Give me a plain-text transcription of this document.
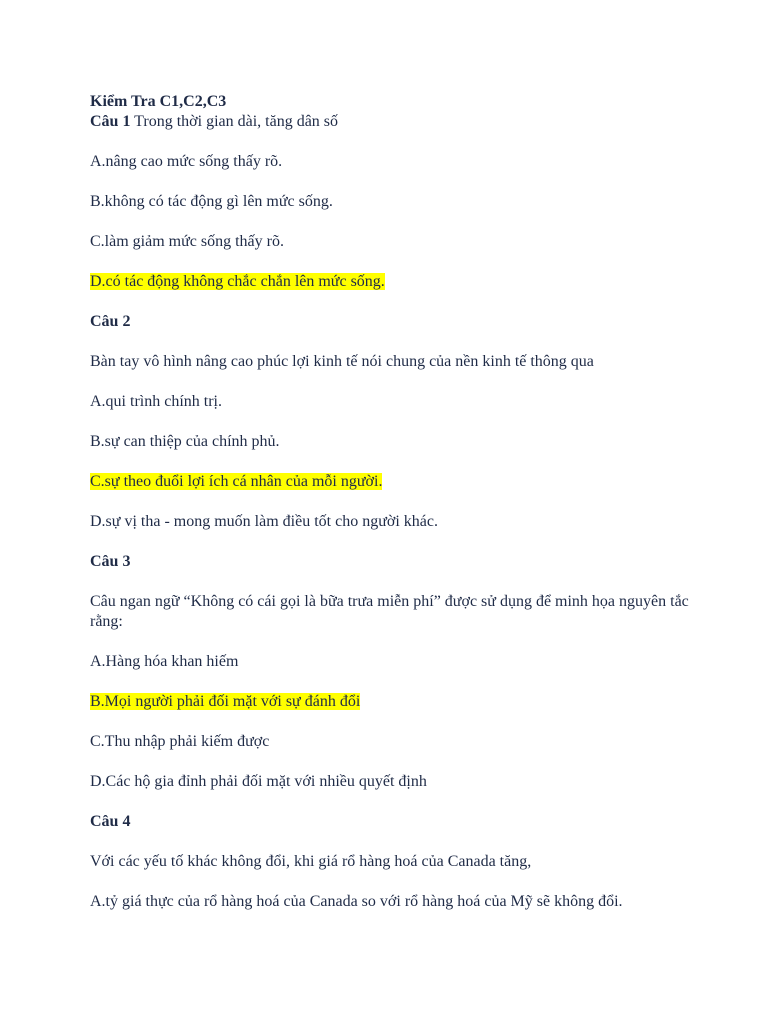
Kiểm Tra C1,C2,C3

Câu 1 Trong thời gian dài, tăng dân số

A.nâng cao mức sống thấy rõ.

B.không có tác động gì lên mức sống.

C.làm giảm mức sống thấy rõ.

D.có tác động không chắc chắn lên mức sống.

Câu 2

Bàn tay vô hình nâng cao phúc lợi kinh tế nói chung của nền kinh tế thông qua

A.qui trình chính trị.

B.sự can thiệp của chính phủ.

C.sự theo đuổi lợi ích cá nhân của mỗi người.

D.sự vị tha - mong muốn làm điều tốt cho người khác.

Câu 3

Câu ngan ngữ “Không có cái gọi là bữa trưa miễn phí” được sử dụng để minh họa nguyên tắc rằng:

A.Hàng hóa khan hiếm

B.Mọi người phải đối mặt với sự đánh đổi

C.Thu nhập phải kiếm được

D.Các hộ gia đỉnh phải đối mặt với nhiều quyết định

Câu 4

Với các yếu tố khác không đổi, khi giá rổ hàng hoá của Canada tăng,

A.tỷ giá thực của rổ hàng hoá của Canada so với rổ hàng hoá của Mỹ sẽ không đổi.
